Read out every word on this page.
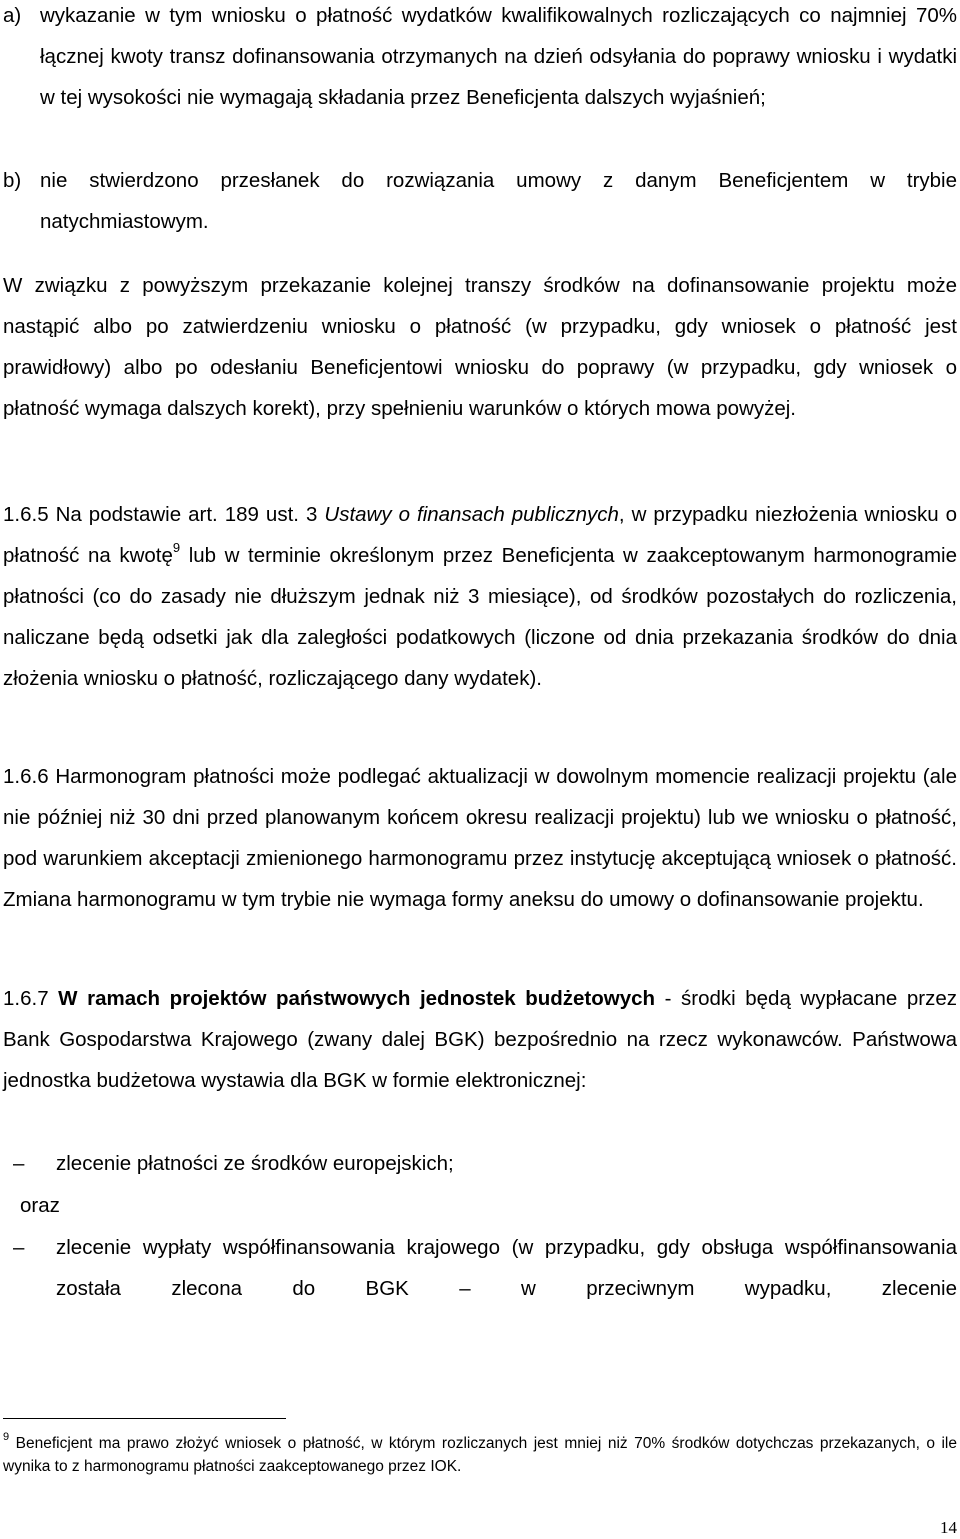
a) wykazanie w tym wniosku o płatność wydatków kwalifikowalnych rozliczających co najmniej 70% łącznej kwoty transz dofinansowania otrzymanych na dzień odsyłania do poprawy wniosku i wydatki w tej wysokości nie wymagają składania przez Beneficjenta dalszych wyjaśnień;

b) nie stwierdzono przesłanek do rozwiązania umowy z danym Beneficjentem w trybie natychmiastowym.

W związku z powyższym przekazanie kolejnej transzy środków na dofinansowanie projektu może nastąpić albo po zatwierdzeniu wniosku o płatność (w przypadku, gdy wniosek o płatność jest prawidłowy) albo po odesłaniu Beneficjentowi wniosku do poprawy (w przypadku, gdy wniosek o płatność wymaga dalszych korekt), przy spełnieniu warunków o których mowa powyżej.

1.6.5 Na podstawie art. 189 ust. 3 Ustawy o finansach publicznych, w przypadku niezłożenia wniosku o płatność na kwotę$^9$ lub w terminie określonym przez Beneficjenta w zaakceptowanym harmonogramie płatności (co do zasady nie dłuższym jednak niż 3 miesiące), od środków pozostałych do rozliczenia, naliczane będą odsetki jak dla zaległości podatkowych (liczone od dnia przekazania środków do dnia złożenia wniosku o płatność, rozliczającego dany wydatek).

1.6.6 Harmonogram płatności może podlegać aktualizacji w dowolnym momencie realizacji projektu (ale nie później niż 30 dni przed planowanym końcem okresu realizacji projektu) lub we wniosku o płatność, pod warunkiem akceptacji zmienionego harmonogramu przez instytucję akceptującą wniosek o płatność. Zmiana harmonogramu w tym trybie nie wymaga formy aneksu do umowy o dofinansowanie projektu.

1.6.7 W ramach projektów państwowych jednostek budżetowych - środki będą wypłacane przez Bank Gospodarstwa Krajowego (zwany dalej BGK) bezpośrednio na rzecz wykonawców. Państwowa jednostka budżetowa wystawia dla BGK w formie elektronicznej:

– zlecenie płatności ze środków europejskich;

oraz

– zlecenie wypłaty współfinansowania krajowego (w przypadku, gdy obsługa współfinansowania została zlecona do BGK – w przeciwnym wypadku, zlecenie

$^9$ Beneficjent ma prawo złożyć wniosek o płatność, w którym rozliczanych jest mniej niż 70% środków dotychczas przekazanych, o ile wynika to z harmonogramu płatności zaakceptowanego przez IOK.

14
